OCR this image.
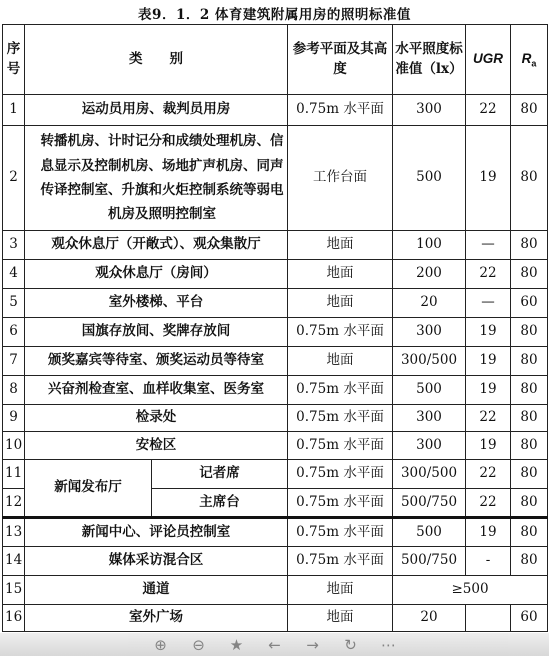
表9．1．2 体育建筑附属用房的照明标准值
序号	类　　别		参考平面及其高度	水平照度标准值（lx）	UGR	$R_a$
1	运动员用房、裁判员用房		0.75m 水平面	300	22	80
2	转播机房、计时记分和成绩处理机房、信息显示及控制机房、场地扩声机房、同声传译控制室、升旗和火炬控制系统等弱电机房及照明控制室		工作台面	500	19	80
3	观众休息厅（开敞式）、观众集散厅		地面	100	—	80
4	观众休息厅（房间）		地面	200	22	80
5	室外楼梯、平台		地面	20	—	60
6	国旗存放间、奖牌存放间		0.75m 水平面	300	19	80
7	颁奖嘉宾等待室、颁奖运动员等待室		地面	300/500	19	80
8	兴奋剂检查室、血样收集室、医务室		0.75m 水平面	500	19	80
9	检录处		0.75m 水平面	300	22	80
10	安检区		0.75m 水平面	300	19	80
11	新闻发布厅	记者席	0.75m 水平面	300/500	22	80
12		主席台	0.75m 水平面	500/750	22	80
13	新闻中心、评论员控制室		0.75m 水平面	500	19	80
14	媒体采访混合区		0.75m 水平面	500/750	-	80
15	通道		地面	≥500		
16	室外广场		地面	20		60
⊕ ⊖ ★ ← → ↻ ⋯
